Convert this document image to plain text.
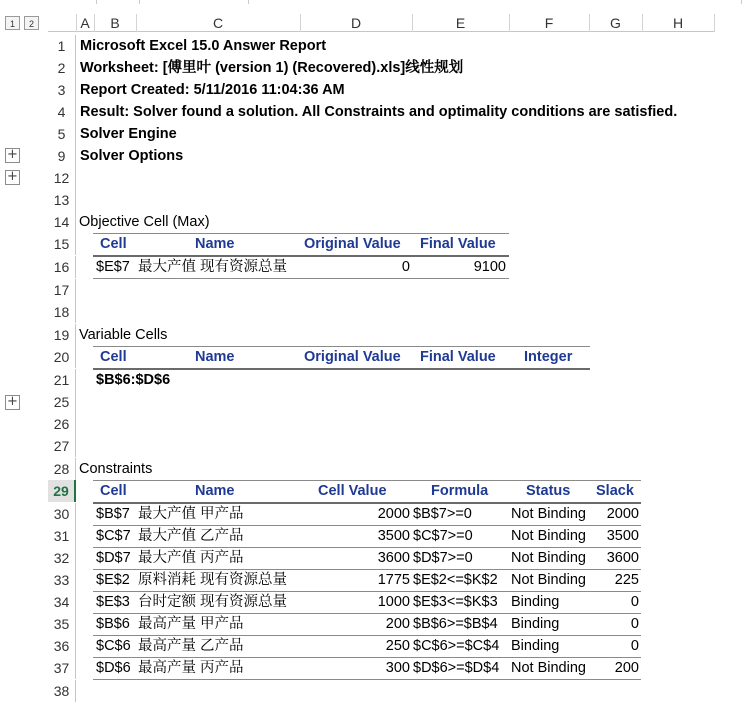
1	2
+
+
+
A	B	C	D	E	F	G	H
1
2
3
4
5
9
12
13
14
15
16
17
18
19
20
21
25
26
27
28
29
30
31
32
33
34
35
36
37
38
Microsoft Excel 15.0 Answer Report
Worksheet: [傅里叶 (version 1) (Recovered).xls]线性规划
Report Created: 5/11/2016 11:04:36 AM
Result: Solver found a solution. All Constraints and optimality conditions are satisfied.
Solver Engine
Solver Options
Objective Cell (Max)
Cell	Name	Original Value Final Value
$E$7 最大产值 现有资源总量	0	9100
Variable Cells
Cell	Name	Original Value Final Value Integer
$B$6:$D$6
Constraints
Cell	Name	Cell Value	Formula	Status Slack
$B$7 最大产值 甲产品	2000 $B$7>=0	Not Binding	2000
$C$7 最大产值 乙产品	3500 $C$7>=0	Not Binding	3500
$D$7 最大产值 丙产品	3600 $D$7>=0	Not Binding	3600
$E$2 原料消耗 现有资源总量	1775 $E$2<=$K$2 Not Binding	225
$E$3 台时定额 现有资源总量	1000 $E$3<=$K$3 Binding	0
$B$6 最高产量 甲产品	200 $B$6>=$B$4 Binding	0
$C$6 最高产量 乙产品	250 $C$6>=$C$4 Binding	0
$D$6 最高产量 丙产品	300 $D$6>=$D$4 Not Binding	200
